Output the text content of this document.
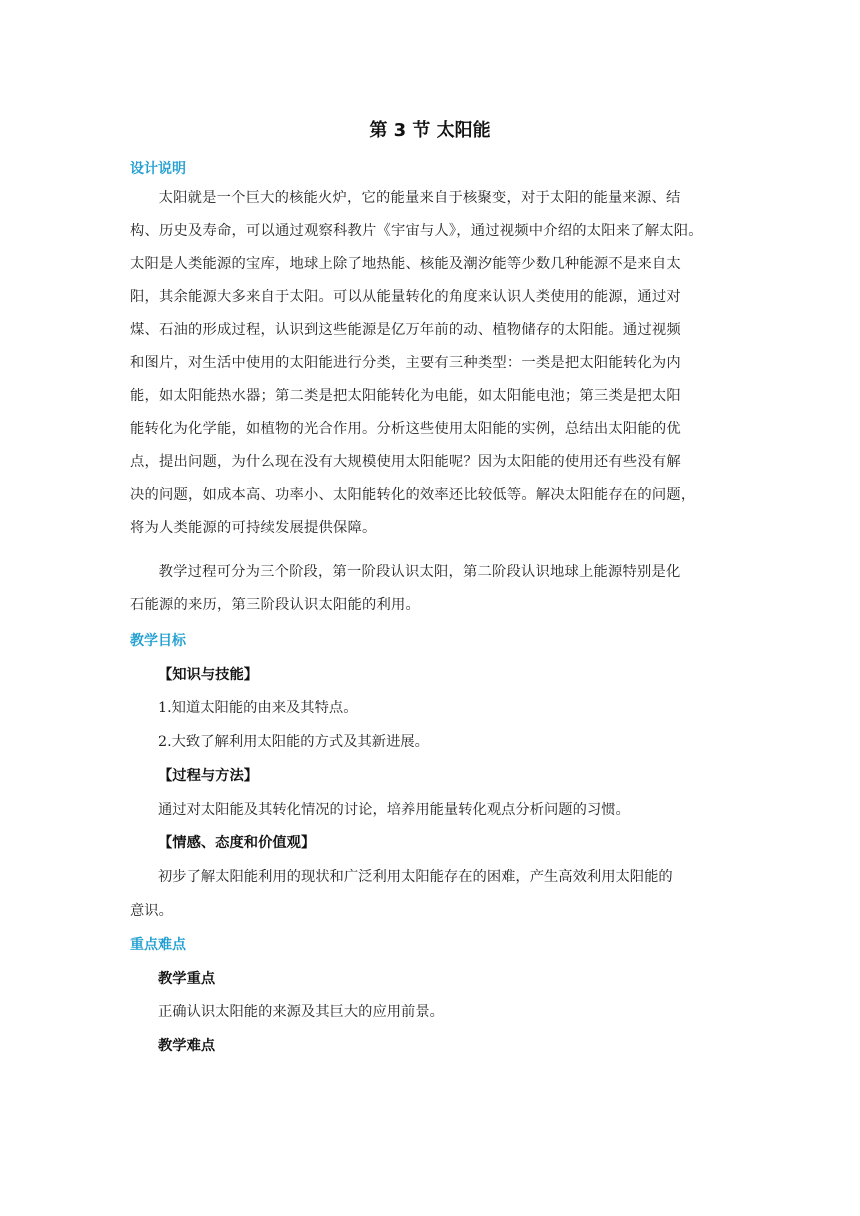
第 3 节 太阳能
设计说明
太阳就是一个巨大的核能火炉，它的能量来自于核聚变，对于太阳的能量来源、结
构、历史及寿命，可以通过观察科教片《宇宙与人》，通过视频中介绍的太阳来了解太阳。
太阳是人类能源的宝库，地球上除了地热能、核能及潮汐能等少数几种能源不是来自太
阳，其余能源大多来自于太阳。可以从能量转化的角度来认识人类使用的能源，通过对
煤、石油的形成过程，认识到这些能源是亿万年前的动、植物储存的太阳能。通过视频
和图片，对生活中使用的太阳能进行分类，主要有三种类型：一类是把太阳能转化为内
能，如太阳能热水器；第二类是把太阳能转化为电能，如太阳能电池；第三类是把太阳
能转化为化学能，如植物的光合作用。分析这些使用太阳能的实例，总结出太阳能的优
点，提出问题，为什么现在没有大规模使用太阳能呢？因为太阳能的使用还有些没有解
决的问题，如成本高、功率小、太阳能转化的效率还比较低等。解决太阳能存在的问题，
将为人类能源的可持续发展提供保障。
教学过程可分为三个阶段，第一阶段认识太阳，第二阶段认识地球上能源特别是化
石能源的来历，第三阶段认识太阳能的利用。
教学目标
【知识与技能】
1.知道太阳能的由来及其特点。
2.大致了解利用太阳能的方式及其新进展。
【过程与方法】
通过对太阳能及其转化情况的讨论，培养用能量转化观点分析问题的习惯。
【情感、态度和价值观】
初步了解太阳能利用的现状和广泛利用太阳能存在的困难，产生高效利用太阳能的
意识。
重点难点
教学重点
正确认识太阳能的来源及其巨大的应用前景。
教学难点
